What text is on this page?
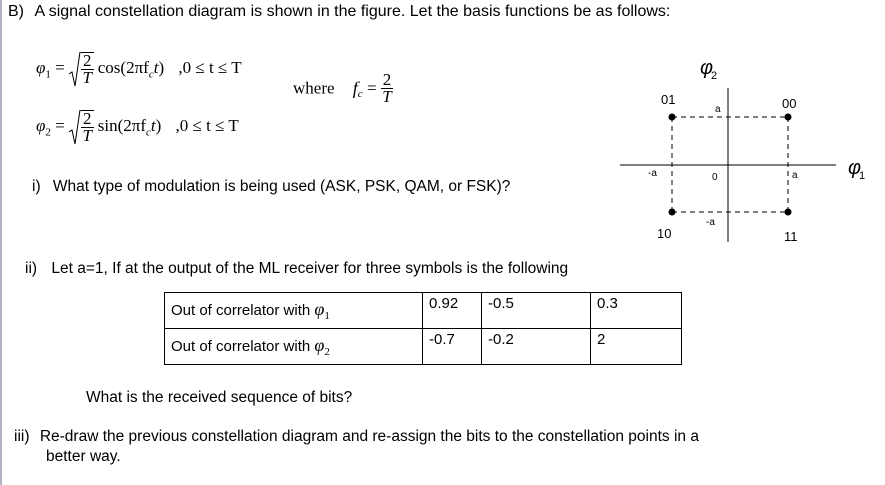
B) A signal constellation diagram is shown in the figure. Let the basis functions be as follows:
$\varphi_1 = \frac{2}{T} \cos(2\pi f_ct) ,0 \le t \le T$
where $f_c = \frac{2}{T}$
$\varphi_2 = \frac{2}{T} \sin(2\pi f_ct) ,0 \le t \le T$
i) What type of modulation is being used (ASK, PSK, QAM, or FSK)?
ii) Let a=1, If at the output of the ML receiver for three symbols is the following
Out of correlator with $\varphi_1$	0.92	-0.5	0.3
Out of correlator with $\varphi_2$	-0.7	-0.2	2
What is the received sequence of bits?
iii) Re-draw the previous constellation diagram and re-assign the bits to the constellation points in a
better way.
φ
1
φ
2
01	00
10	11
a
a
-a
-a
0
